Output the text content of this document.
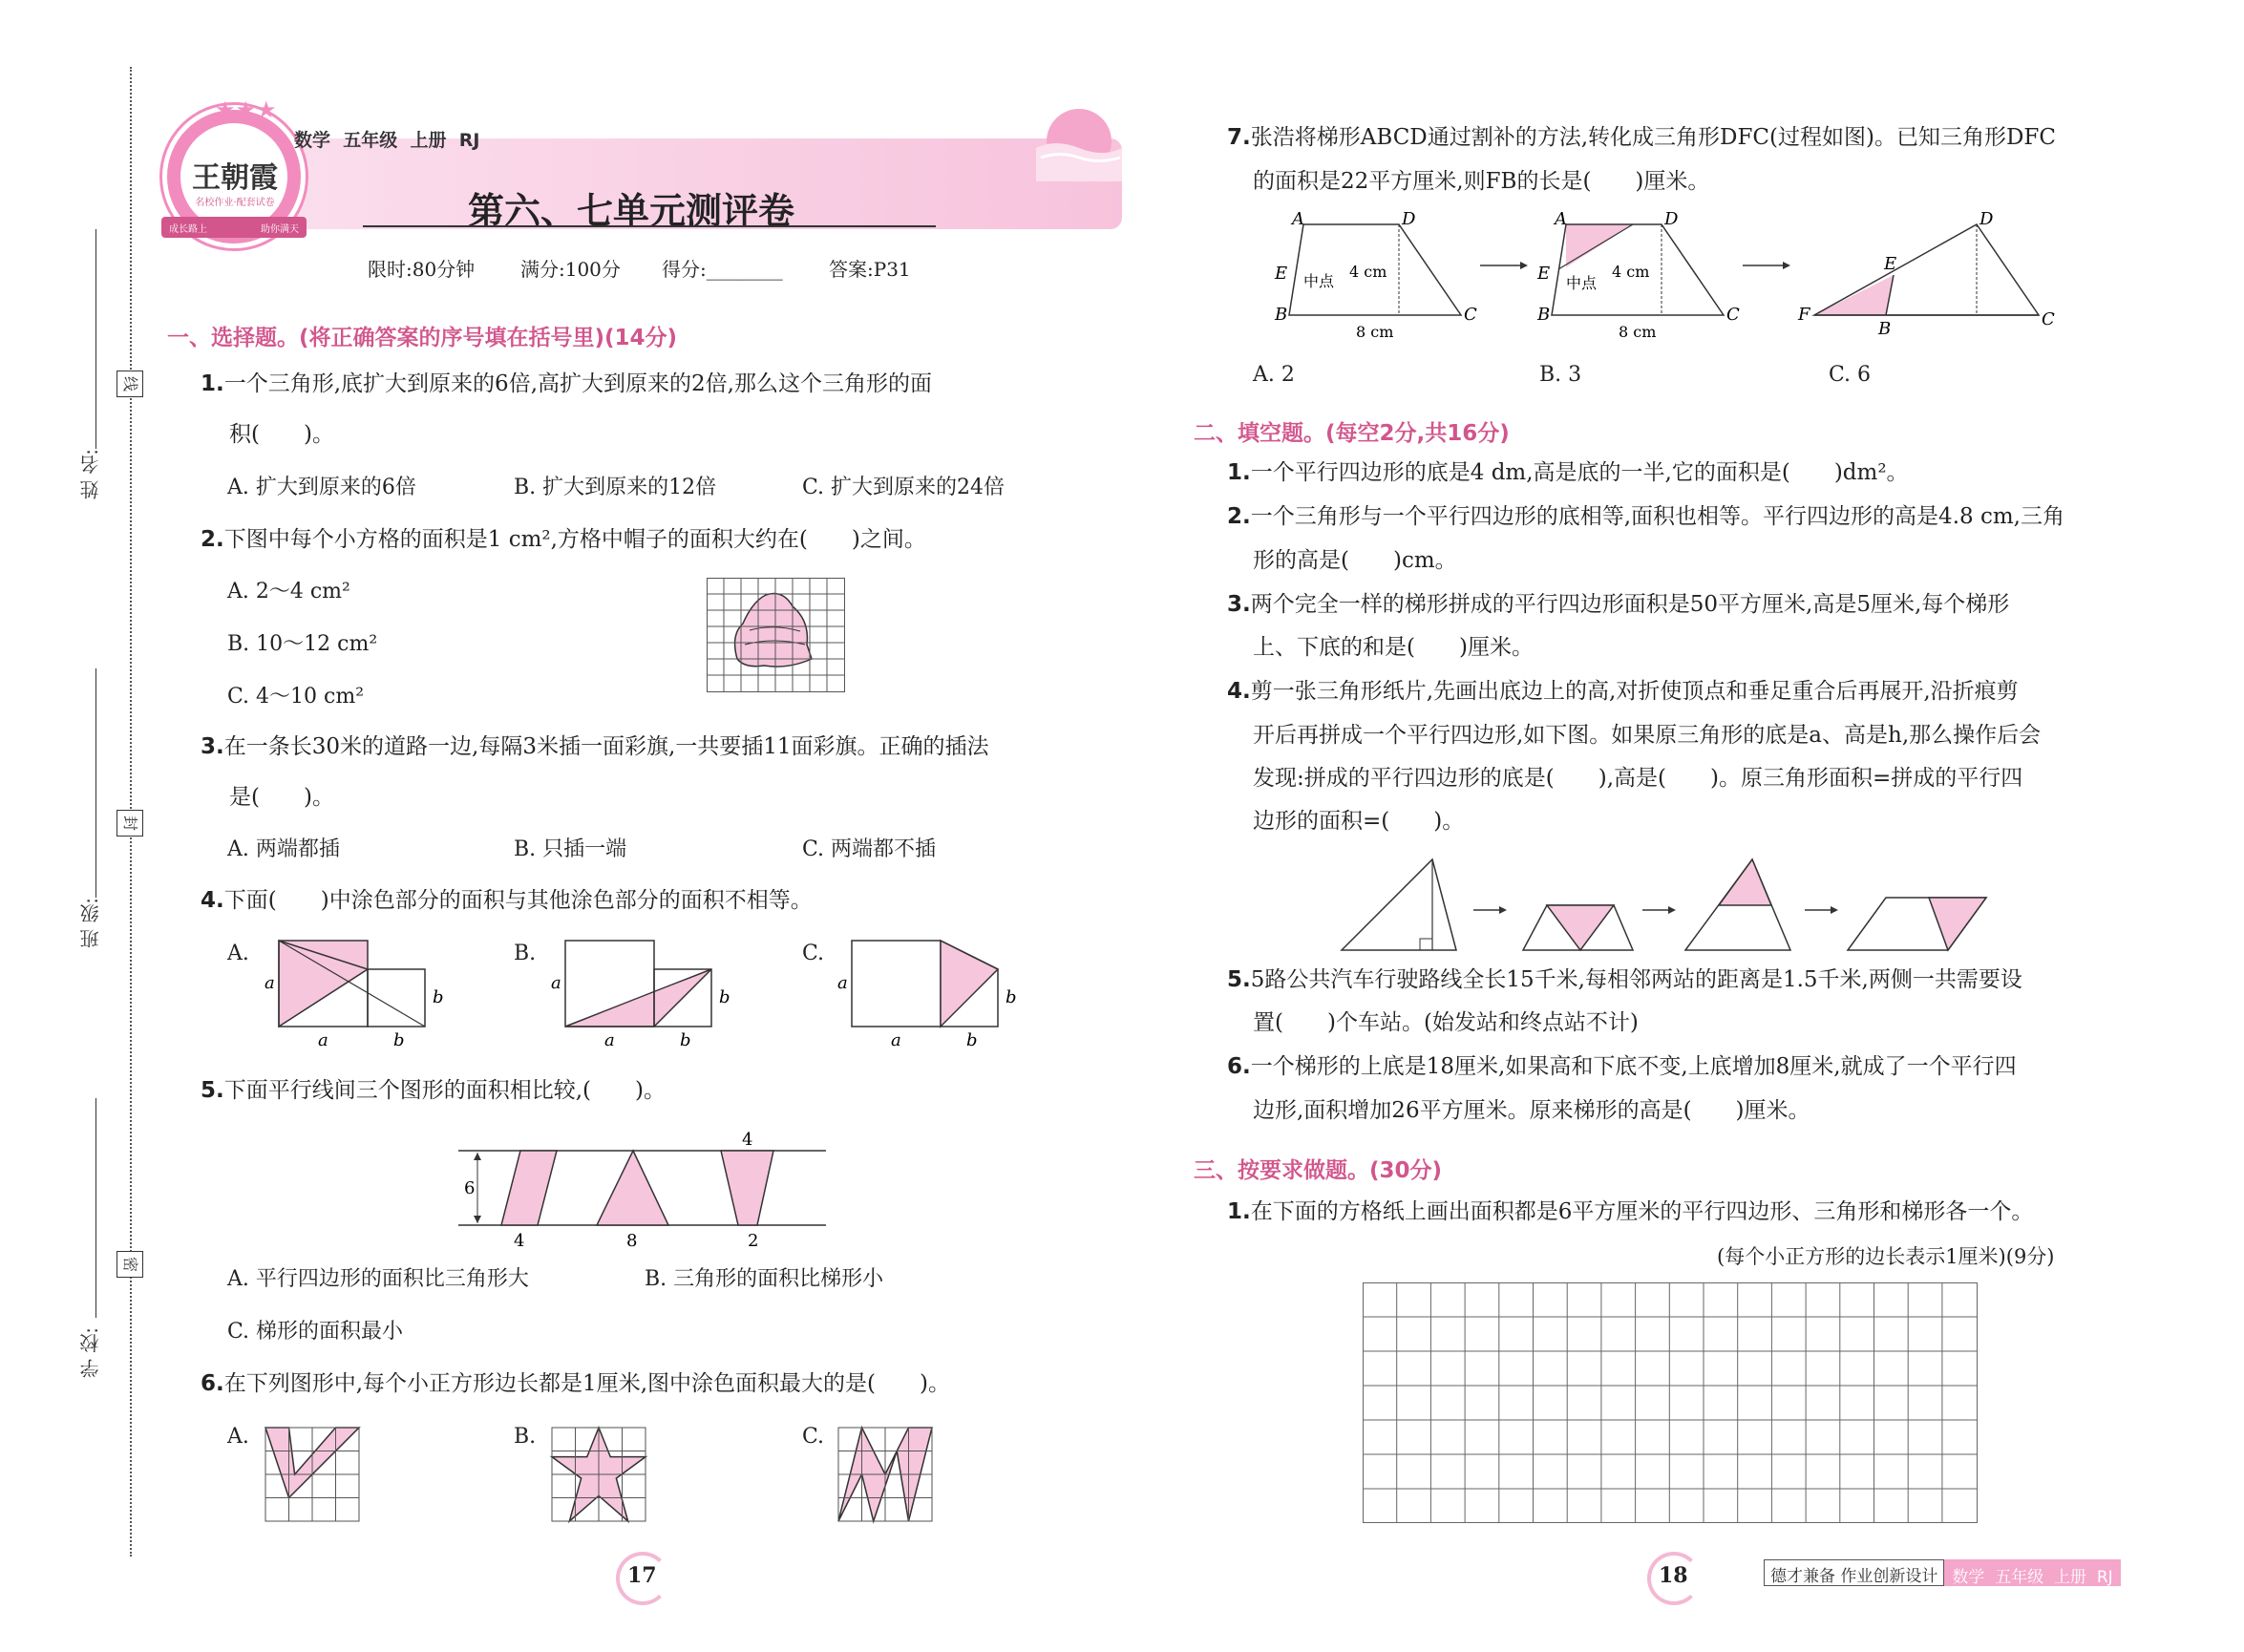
姓 名:
班 级:
学 校:
线
封
密
王朝霞
名校作业·配套试卷
成长路上	助你满天
★★★
数学  五年级  上册  RJ
第六、七单元测评卷
限时:80分钟 满分:100分 得分:________ 答案:P31
一、选择题。(将正确答案的序号填在括号里)(14分)
1.一个三角形,底扩大到原来的6倍,高扩大到原来的2倍,那么这个三角形的面
积(　　)。
A. 扩大到原来的6倍	B. 扩大到原来的12倍	C. 扩大到原来的24倍
2.下图中每个小方格的面积是1 cm²,方格中帽子的面积大约在(　　)之间。
A. 2～4 cm²
B. 10～12 cm²
C. 4～10 cm²
3.在一条长30米的道路一边,每隔3米插一面彩旗,一共要插11面彩旗。正确的插法
是(　　)。
A. 两端都插	B. 只插一端	C. 两端都不插
4.下面(　　)中涂色部分的面积与其他涂色部分的面积不相等。
A.	B.	C.
a
b
a	b
a
b
a	b
a
b
a	b
5.下面平行线间三个图形的面积相比较,(　　)。
6
4
4	8	2
A. 平行四边形的面积比三角形大	B. 三角形的面积比梯形小
C. 梯形的面积最小
6.在下列图形中,每个小正方形边长都是1厘米,图中涂色面积最大的是(　　)。
A.	B.	C.
17
7.张浩将梯形ABCD通过割补的方法,转化成三角形DFC(过程如图)。已知三角形DFC
的面积是22平方厘米,则FB的长是(　　)厘米。
A	D
E
B	C
中点
4 cm
8 cm
A	D
E
B	C
中点
4 cm
8 cm
D
E
F
B	C
A. 2	B. 3	C. 6
二、填空题。(每空2分,共16分)
1.一个平行四边形的底是4 dm,高是底的一半,它的面积是(　　)dm²。
2.一个三角形与一个平行四边形的底相等,面积也相等。平行四边形的高是4.8 cm,三角
形的高是(　　)cm。
3.两个完全一样的梯形拼成的平行四边形面积是50平方厘米,高是5厘米,每个梯形
上、下底的和是(　　)厘米。
4.剪一张三角形纸片,先画出底边上的高,对折使顶点和垂足重合后再展开,沿折痕剪
开后再拼成一个平行四边形,如下图。如果原三角形的底是a、高是h,那么操作后会
发现:拼成的平行四边形的底是(　　),高是(　　)。原三角形面积=拼成的平行四
边形的面积=(　　)。
5.5路公共汽车行驶路线全长15千米,每相邻两站的距离是1.5千米,两侧一共需要设
置(　　)个车站。(始发站和终点站不计)
6.一个梯形的上底是18厘米,如果高和下底不变,上底增加8厘米,就成了一个平行四
边形,面积增加26平方厘米。原来梯形的高是(　　)厘米。
三、按要求做题。(30分)
1.在下面的方格纸上画出面积都是6平方厘米的平行四边形、三角形和梯形各一个。
(每个小正方形的边长表示1厘米)(9分)
18	德才兼备 作业创新设计 数学  五年级  上册  RJ
